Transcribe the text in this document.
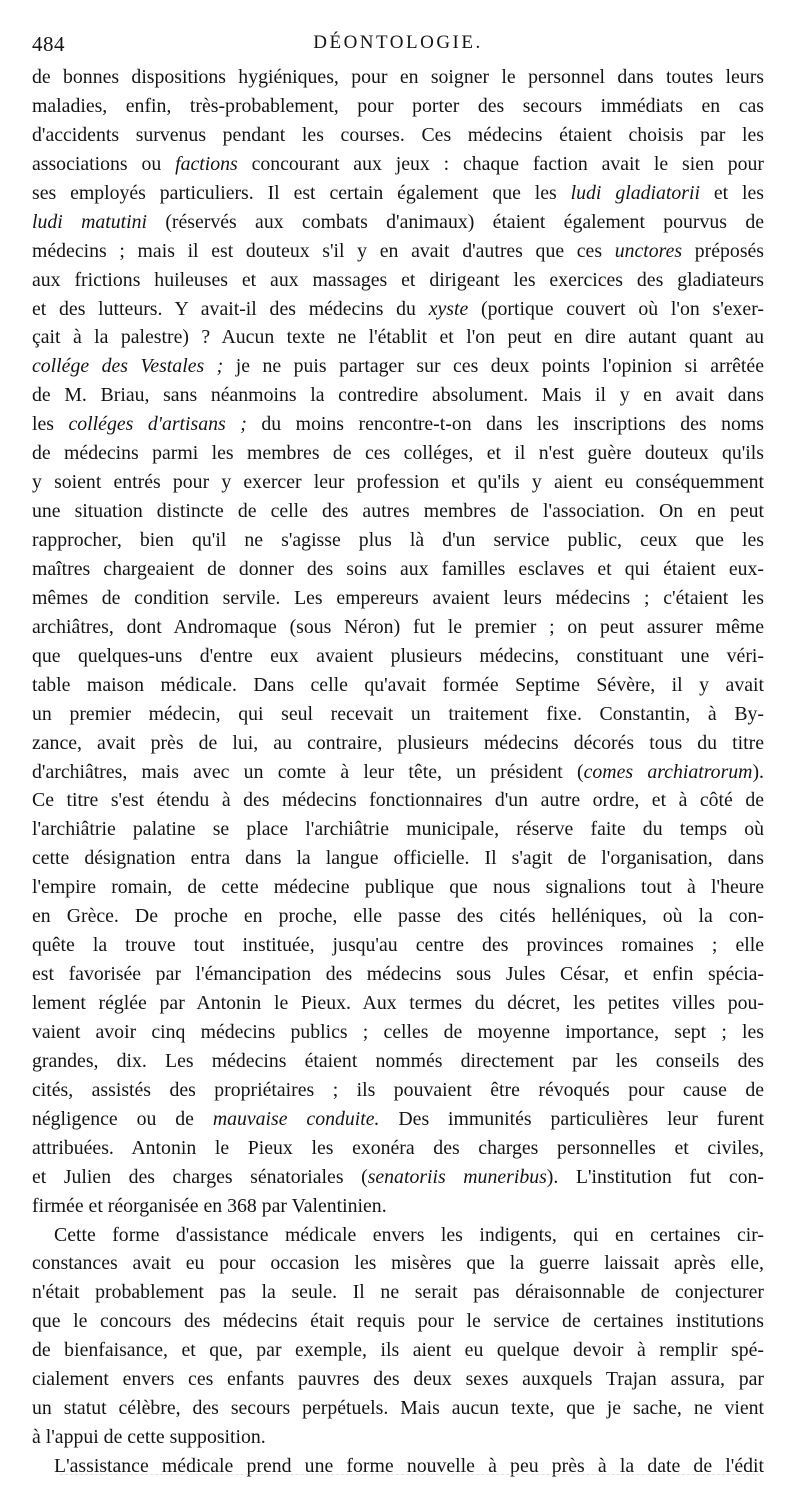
484	DÉONTOLOGIE.
de bonnes dispositions hygiéniques, pour en soigner le personnel dans toutes leurs
maladies, enfin, très-probablement, pour porter des secours immédiats en cas
d'accidents survenus pendant les courses. Ces médecins étaient choisis par les
associations ou factions concourant aux jeux : chaque faction avait le sien pour
ses employés particuliers. Il est certain également que les ludi gladiatorii et les
ludi matutini (réservés aux combats d'animaux) étaient également pourvus de
médecins ; mais il est douteux s'il y en avait d'autres que ces unctores préposés
aux frictions huileuses et aux massages et dirigeant les exercices des gladiateurs
et des lutteurs. Y avait-il des médecins du xyste (portique couvert où l'on s'exer-
çait à la palestre) ? Aucun texte ne l'établit et l'on peut en dire autant quant au
collége des Vestales ; je ne puis partager sur ces deux points l'opinion si arrêtée
de M. Briau, sans néanmoins la contredire absolument. Mais il y en avait dans
les colléges d'artisans ; du moins rencontre-t-on dans les inscriptions des noms
de médecins parmi les membres de ces colléges, et il n'est guère douteux qu'ils
y soient entrés pour y exercer leur profession et qu'ils y aient eu conséquemment
une situation distincte de celle des autres membres de l'association. On en peut
rapprocher, bien qu'il ne s'agisse plus là d'un service public, ceux que les
maîtres chargeaient de donner des soins aux familles esclaves et qui étaient eux-
mêmes de condition servile. Les empereurs avaient leurs médecins ; c'étaient les
archiâtres, dont Andromaque (sous Néron) fut le premier ; on peut assurer même
que quelques-uns d'entre eux avaient plusieurs médecins, constituant une véri-
table maison médicale. Dans celle qu'avait formée Septime Sévère, il y avait
un premier médecin, qui seul recevait un traitement fixe. Constantin, à By-
zance, avait près de lui, au contraire, plusieurs médecins décorés tous du titre
d'archiâtres, mais avec un comte à leur tête, un président (comes archiatrorum).
Ce titre s'est étendu à des médecins fonctionnaires d'un autre ordre, et à côté de
l'archiâtrie palatine se place l'archiâtrie municipale, réserve faite du temps où
cette désignation entra dans la langue officielle. Il s'agit de l'organisation, dans
l'empire romain, de cette médecine publique que nous signalions tout à l'heure
en Grèce. De proche en proche, elle passe des cités helléniques, où la con-
quête la trouve tout instituée, jusqu'au centre des provinces romaines ; elle
est favorisée par l'émancipation des médecins sous Jules César, et enfin spécia-
lement réglée par Antonin le Pieux. Aux termes du décret, les petites villes pou-
vaient avoir cinq médecins publics ; celles de moyenne importance, sept ; les
grandes, dix. Les médecins étaient nommés directement par les conseils des
cités, assistés des propriétaires ; ils pouvaient être révoqués pour cause de
négligence ou de mauvaise conduite. Des immunités particulières leur furent
attribuées. Antonin le Pieux les exonéra des charges personnelles et civiles,
et Julien des charges sénatoriales (senatoriis muneribus). L'institution fut con-
firmée et réorganisée en 368 par Valentinien.
Cette forme d'assistance médicale envers les indigents, qui en certaines cir-
constances avait eu pour occasion les misères que la guerre laissait après elle,
n'était probablement pas la seule. Il ne serait pas déraisonnable de conjecturer
que le concours des médecins était requis pour le service de certaines institutions
de bienfaisance, et que, par exemple, ils aient eu quelque devoir à remplir spé-
cialement envers ces enfants pauvres des deux sexes auxquels Trajan assura, par
un statut célèbre, des secours perpétuels. Mais aucun texte, que je sache, ne vient
à l'appui de cette supposition.
L'assistance médicale prend une forme nouvelle à peu près à la date de l'édit
